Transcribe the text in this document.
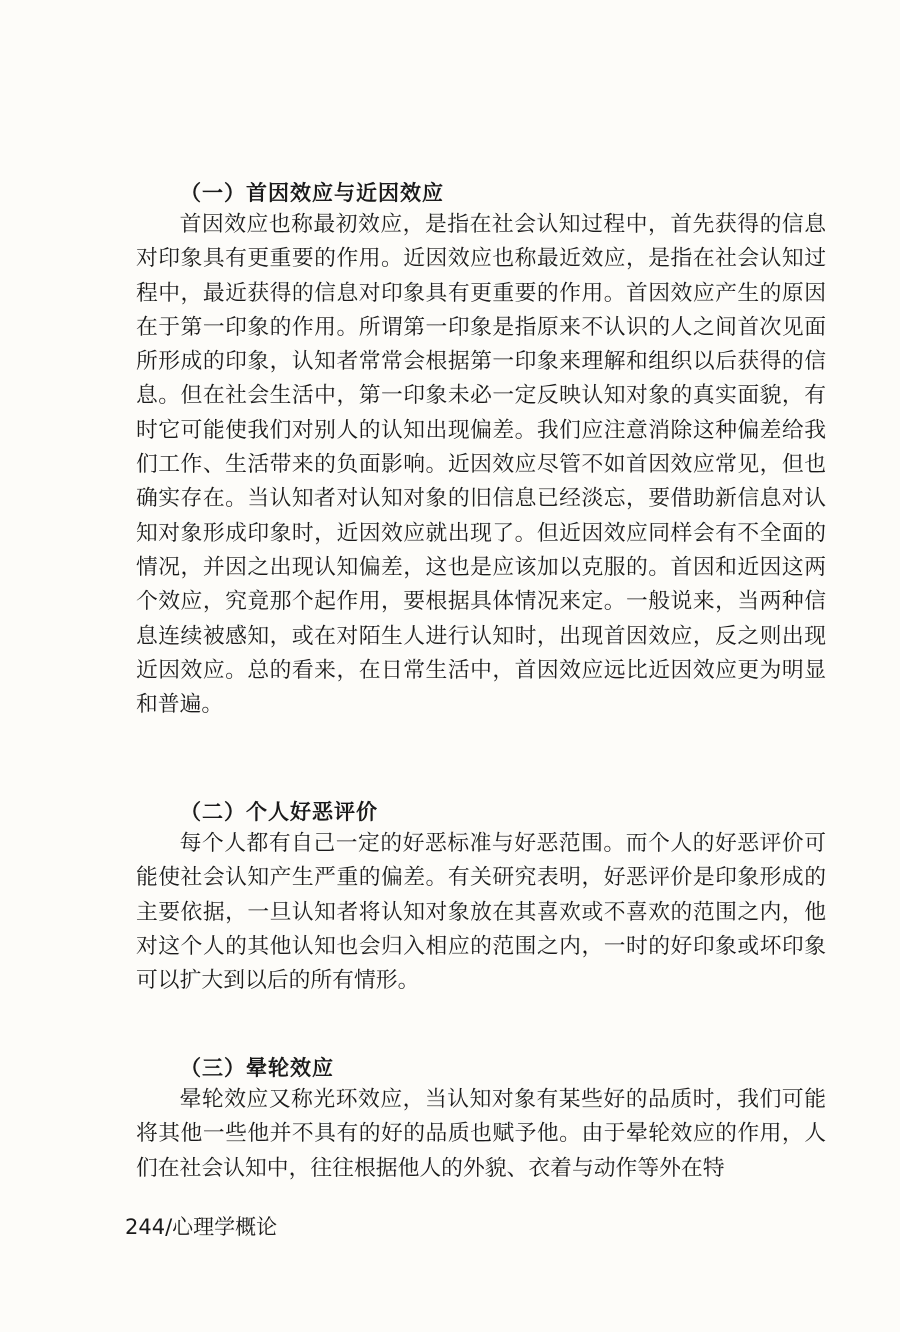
（一）首因效应与近因效应

首因效应也称最初效应，是指在社会认知过程中，首先获得的信息对印象具有更重要的作用。近因效应也称最近效应，是指在社会认知过程中，最近获得的信息对印象具有更重要的作用。首因效应产生的原因在于第一印象的作用。所谓第一印象是指原来不认识的人之间首次见面所形成的印象，认知者常常会根据第一印象来理解和组织以后获得的信息。但在社会生活中，第一印象未必一定反映认知对象的真实面貌，有时它可能使我们对别人的认知出现偏差。我们应注意消除这种偏差给我们工作、生活带来的负面影响。近因效应尽管不如首因效应常见，但也确实存在。当认知者对认知对象的旧信息已经淡忘，要借助新信息对认知对象形成印象时，近因效应就出现了。但近因效应同样会有不全面的情况，并因之出现认知偏差，这也是应该加以克服的。首因和近因这两个效应，究竟那个起作用，要根据具体情况来定。一般说来，当两种信息连续被感知，或在对陌生人进行认知时，出现首因效应，反之则出现近因效应。总的看来，在日常生活中，首因效应远比近因效应更为明显和普遍。

（二）个人好恶评价

每个人都有自己一定的好恶标准与好恶范围。而个人的好恶评价可能使社会认知产生严重的偏差。有关研究表明，好恶评价是印象形成的主要依据，一旦认知者将认知对象放在其喜欢或不喜欢的范围之内，他对这个人的其他认知也会归入相应的范围之内，一时的好印象或坏印象可以扩大到以后的所有情形。

（三）晕轮效应

晕轮效应又称光环效应，当认知对象有某些好的品质时，我们可能将其他一些他并不具有的好的品质也赋予他。由于晕轮效应的作用，人们在社会认知中，往往根据他人的外貌、衣着与动作等外在特

244/心理学概论
